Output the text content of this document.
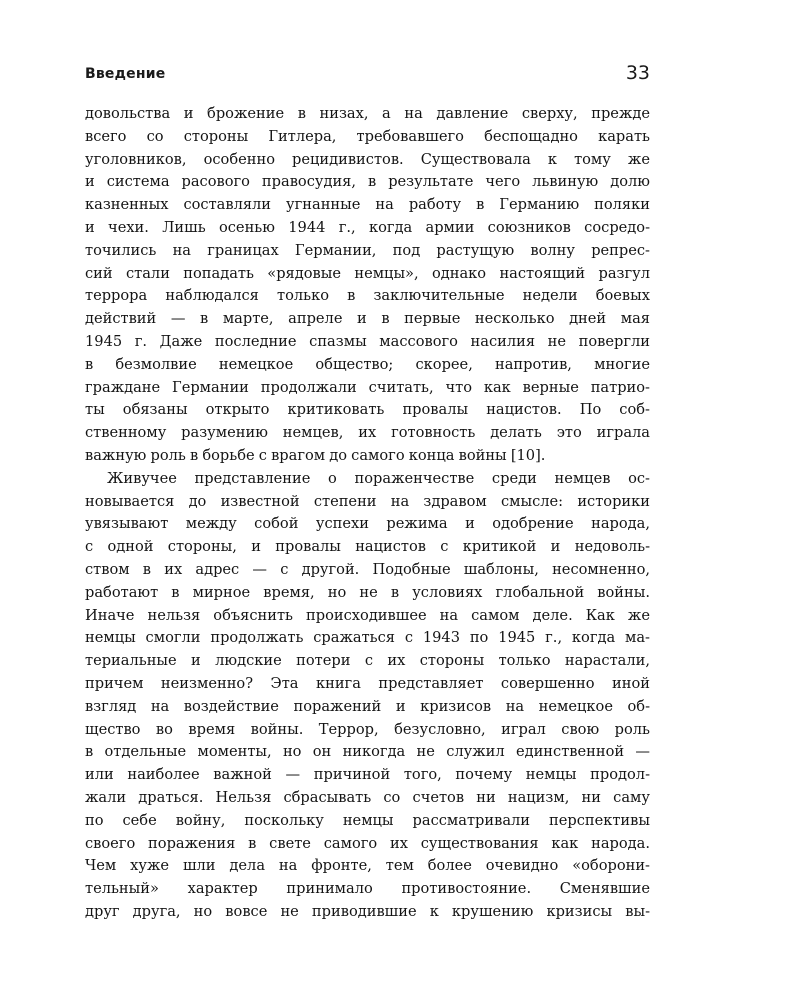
Введение	33
довольства и брожение в низах, а на давление сверху, прежде
всего со стороны Гитлера, требовавшего беспощадно карать
уголовников, особенно рецидивистов. Существовала к тому же
и система расового правосудия, в результате чего львиную долю
казненных составляли угнанные на работу в Германию поляки
и чехи. Лишь осенью 1944 г., когда армии союзников сосредо-
точились на границах Германии, под растущую волну репрес-
сий стали попадать «рядовые немцы», однако настоящий разгул
террора наблюдался только в заключительные недели боевых
действий — в марте, апреле и в первые несколько дней мая
1945 г. Даже последние спазмы массового насилия не повергли
в безмолвие немецкое общество; скорее, напротив, многие
граждане Германии продолжали считать, что как верные патрио-
ты обязаны открыто критиковать провалы нацистов. По соб-
ственному разумению немцев, их готовность делать это играла
важную роль в борьбе с врагом до самого конца войны [10].
Живучее представление о пораженчестве среди немцев ос-
новывается до известной степени на здравом смысле: историки
увязывают между собой успехи режима и одобрение народа,
с одной стороны, и провалы нацистов с критикой и недоволь-
ством в их адрес — с другой. Подобные шаблоны, несомненно,
работают в мирное время, но не в условиях глобальной войны.
Иначе нельзя объяснить происходившее на самом деле. Как же
немцы смогли продолжать сражаться с 1943 по 1945 г., когда ма-
териальные и людские потери с их стороны только нарастали,
причем неизменно? Эта книга представляет совершенно иной
взгляд на воздействие поражений и кризисов на немецкое об-
щество во время войны. Террор, безусловно, играл свою роль
в отдельные моменты, но он никогда не служил единственной —
или наиболее важной — причиной того, почему немцы продол-
жали драться. Нельзя сбрасывать со счетов ни нацизм, ни саму
по себе войну, поскольку немцы рассматривали перспективы
своего поражения в свете самого их существования как народа.
Чем хуже шли дела на фронте, тем более очевидно «оборони-
тельный» характер принимало противостояние. Сменявшие
друг друга, но вовсе не приводившие к крушению кризисы вы-
